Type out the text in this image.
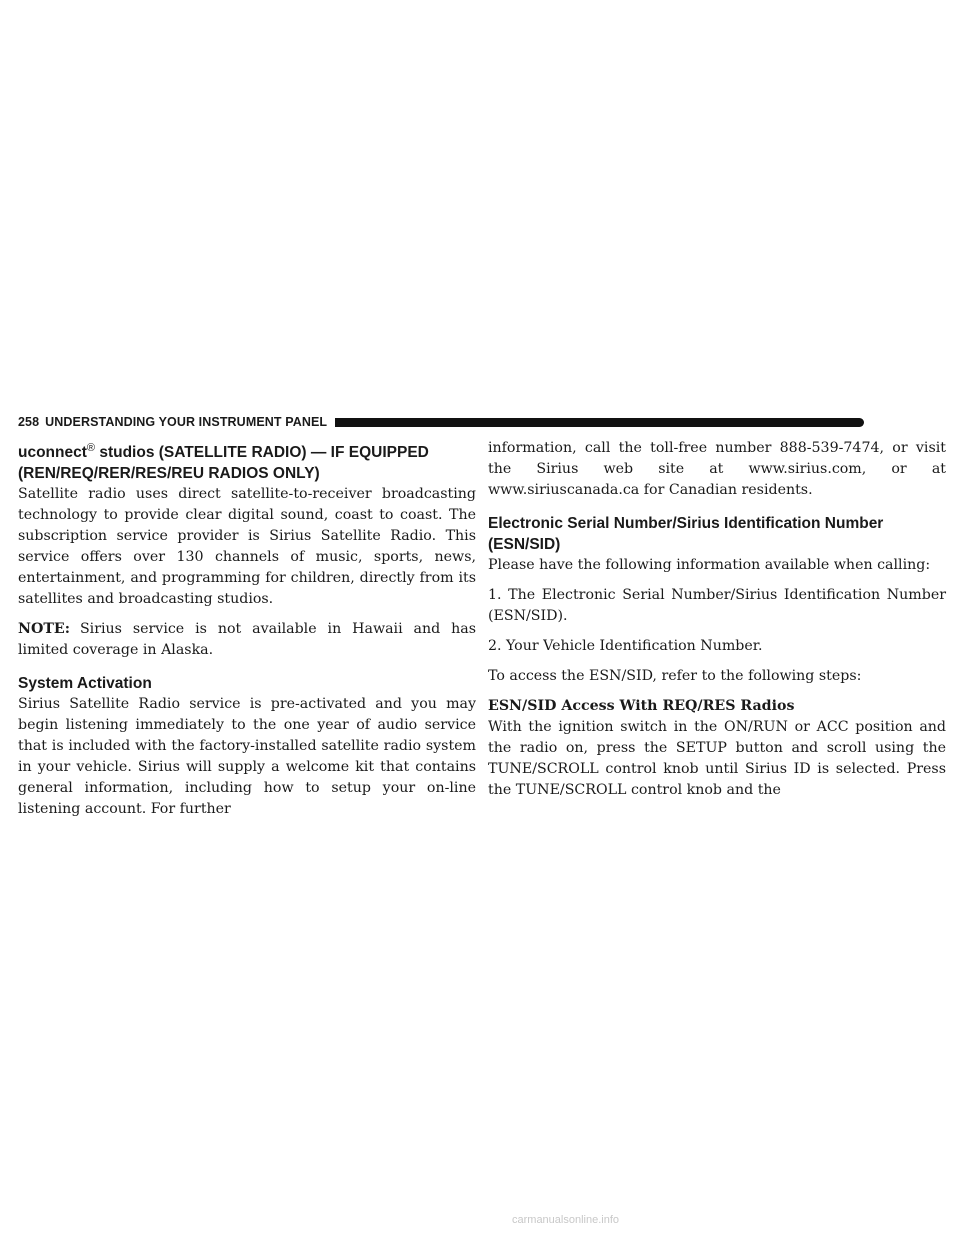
258 UNDERSTANDING YOUR INSTRUMENT PANEL
uconnect® studios (SATELLITE RADIO) — IF EQUIPPED (REN/REQ/RER/RES/REU RADIOS ONLY)

Satellite radio uses direct satellite-to-receiver broadcasting technology to provide clear digital sound, coast to coast. The subscription service provider is Sirius Satellite Radio. This service offers over 130 channels of music, sports, news, entertainment, and programming for children, directly from its satellites and broadcasting studios.

NOTE: Sirius service is not available in Hawaii and has limited coverage in Alaska.

System Activation

Sirius Satellite Radio service is pre-activated and you may begin listening immediately to the one year of audio service that is included with the factory-installed satellite radio system in your vehicle. Sirius will supply a welcome kit that contains general information, including how to setup your on-line listening account. For further

information, call the toll-free number 888-539-7474, or visit the Sirius web site at www.sirius.com, or at www.siriuscanada.ca for Canadian residents.

Electronic Serial Number/Sirius Identification Number (ESN/SID)

Please have the following information available when calling:

1. The Electronic Serial Number/Sirius Identification Number (ESN/SID).

2. Your Vehicle Identification Number.

To access the ESN/SID, refer to the following steps:

ESN/SID Access With REQ/RES Radios

With the ignition switch in the ON/RUN or ACC position and the radio on, press the SETUP button and scroll using the TUNE/SCROLL control knob until Sirius ID is selected. Press the TUNE/SCROLL control knob and the

carmanualsonline.info
